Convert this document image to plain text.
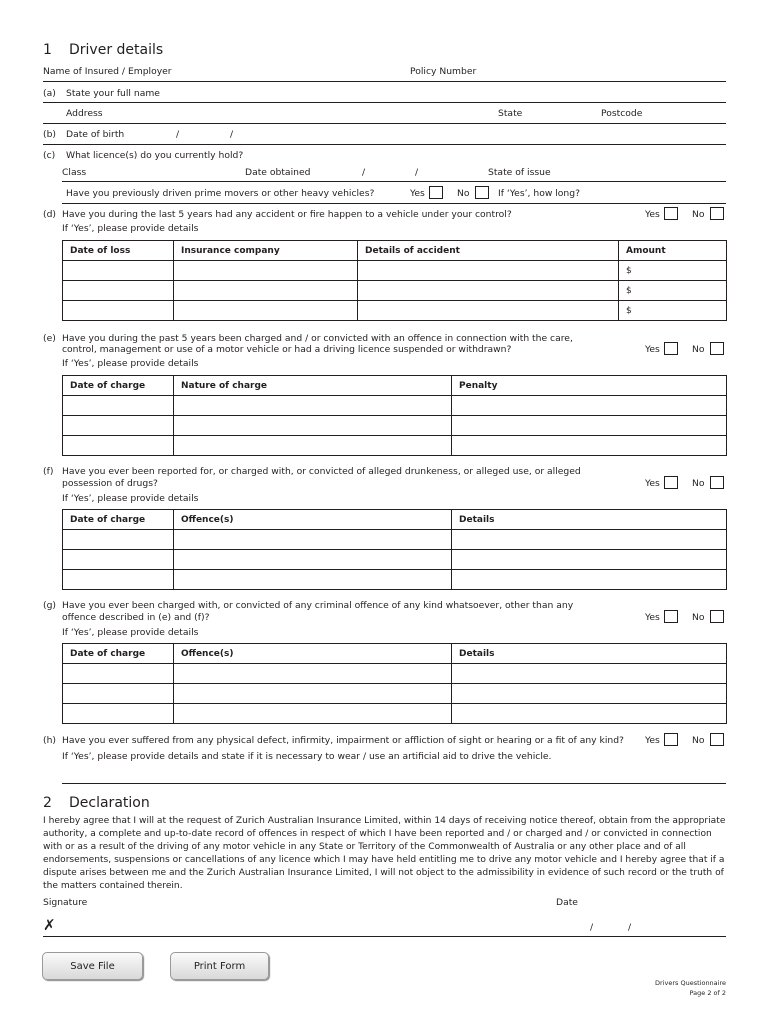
1 Driver details
Name of Insured / Employer	Policy Number
(a) State your full name
Address	State	Postcode
(b) Date of birth	/	/
(c) What licence(s) do you currently hold?
Class	Date obtained	/	/	State of issue
Have you previously driven prime movers or other heavy vehicles?	Yes	No	If ‘Yes’, how long?
(d) Have you during the last 5 years had any accident or fire happen to a vehicle under your control?
If ‘Yes’, please provide details
Yes	No
Date of loss	Insurance company	Details of accident	Amount
			$
			$
			$
(e) Have you during the past 5 years been charged and / or convicted with an offence in connection with the care,
control, management or use of a motor vehicle or had a driving licence suspended or withdrawn?
If ‘Yes’, please provide details
Yes	No
Date of charge	Nature of charge	Penalty

(f) Have you ever been reported for, or charged with, or convicted of alleged drunkeness, or alleged use, or alleged
possession of drugs?
If ‘Yes’, please provide details
Yes	No
Date of charge	Offence(s)	Details

(g) Have you ever been charged with, or convicted of any criminal offence of any kind whatsoever, other than any
offence described in (e) and (f)?
If ‘Yes’, please provide details
Yes	No
Date of charge	Offence(s)	Details

(h) Have you ever suffered from any physical defect, infirmity, impairment or affliction of sight or hearing or a fit of any kind? Yes	No
If ‘Yes’, please provide details and state if it is necessary to wear / use an artificial aid to drive the vehicle.
2 Declaration
I hereby agree that I will at the request of Zurich Australian Insurance Limited, within 14 days of receiving notice thereof, obtain from the appropriate authority, a complete and up-to-date record of offences in respect of which I have been reported and / or charged and / or convicted in connection with or as a result of the driving of any motor vehicle in any State or Territory of the Commonwealth of Australia or any other place and of all endorsements, suspensions or cancellations of any licence which I may have held entitling me to drive any motor vehicle and I hereby agree that if a dispute arises between me and the Zurich Australian Insurance Limited, I will not object to the admissibility in evidence of such record or the truth of the matters contained therein.
Signature	Date
✗	/	/
Save File	Print Form
Drivers Questionnaire
Page 2 of 2
